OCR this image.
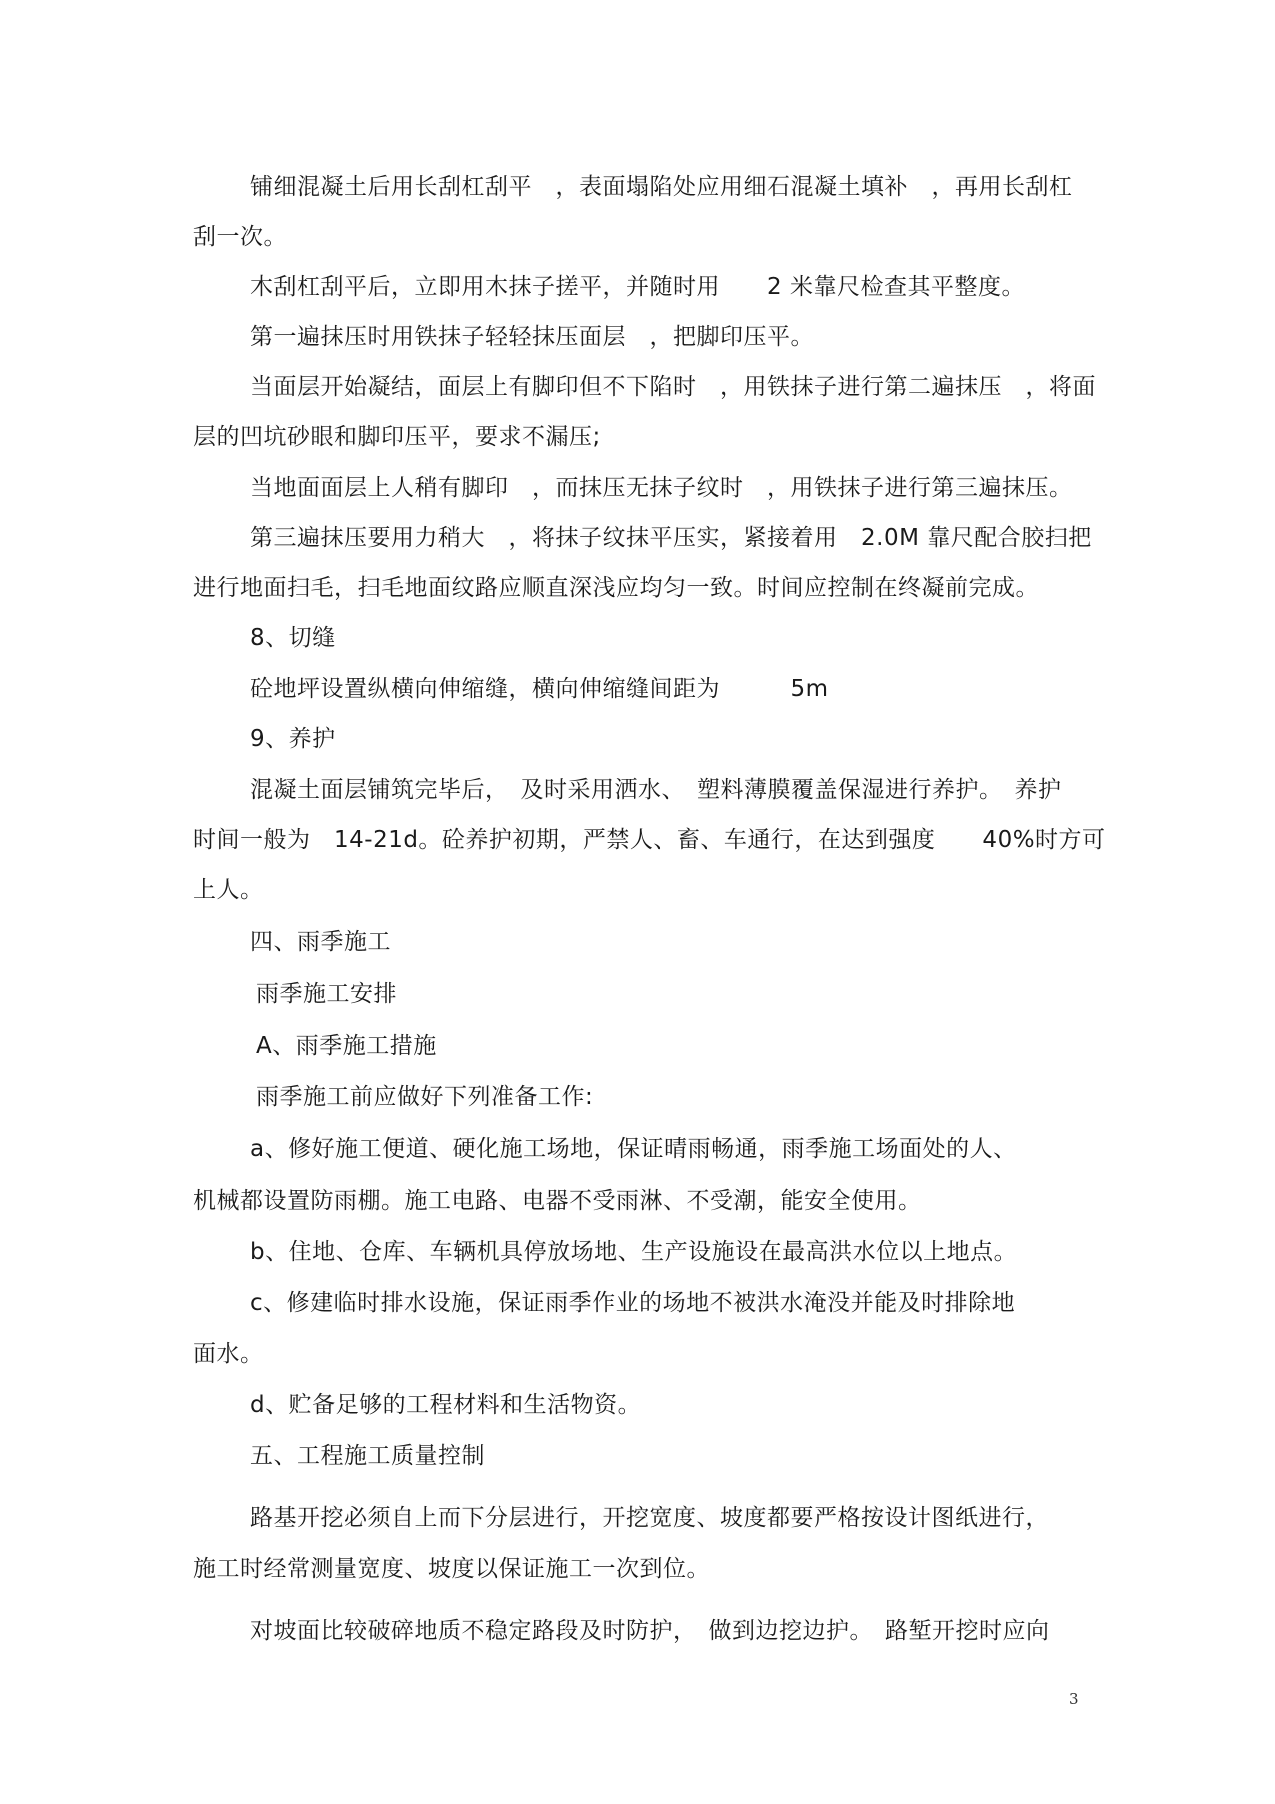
铺细混凝土后用长刮杠刮平　，表面塌陷处应用细石混凝土填补　，再用长刮杠
刮一次。
木刮杠刮平后，立即用木抹子搓平，并随时用　　2 米靠尺检查其平整度。
第一遍抹压时用铁抹子轻轻抹压面层　，把脚印压平。
当面层开始凝结，面层上有脚印但不下陷时　，用铁抹子进行第二遍抹压　，将面
层的凹坑砂眼和脚印压平，要求不漏压;
当地面面层上人稍有脚印　，而抹压无抹子纹时　，用铁抹子进行第三遍抹压。
第三遍抹压要用力稍大　，将抹子纹抹平压实，紧接着用　2.0M 靠尺配合胶扫把
进行地面扫毛，扫毛地面纹路应顺直深浅应均匀一致。时间应控制在终凝前完成。
8、切缝
砼地坪设置纵横向伸缩缝，横向伸缩缝间距为　　　5m
9、养护
混凝土面层铺筑完毕后，　及时采用洒水、　塑料薄膜覆盖保湿进行养护。　养护
时间一般为　14-21d。砼养护初期，严禁人、畜、车通行，在达到强度　　40%时方可
上人。
四、雨季施工
雨季施工安排
A、雨季施工措施
雨季施工前应做好下列准备工作:
a、修好施工便道、硬化施工场地，保证晴雨畅通，雨季施工场面处的人、
机械都设置防雨棚。施工电路、电器不受雨淋、不受潮，能安全使用。
b、住地、仓库、车辆机具停放场地、生产设施设在最高洪水位以上地点。
c、修建临时排水设施，保证雨季作业的场地不被洪水淹没并能及时排除地
面水。
d、贮备足够的工程材料和生活物资。
五、工程施工质量控制
路基开挖必须自上而下分层进行，开挖宽度、坡度都要严格按设计图纸进行，
施工时经常测量宽度、坡度以保证施工一次到位。
对坡面比较破碎地质不稳定路段及时防护，　做到边挖边护。　路堑开挖时应向
3
